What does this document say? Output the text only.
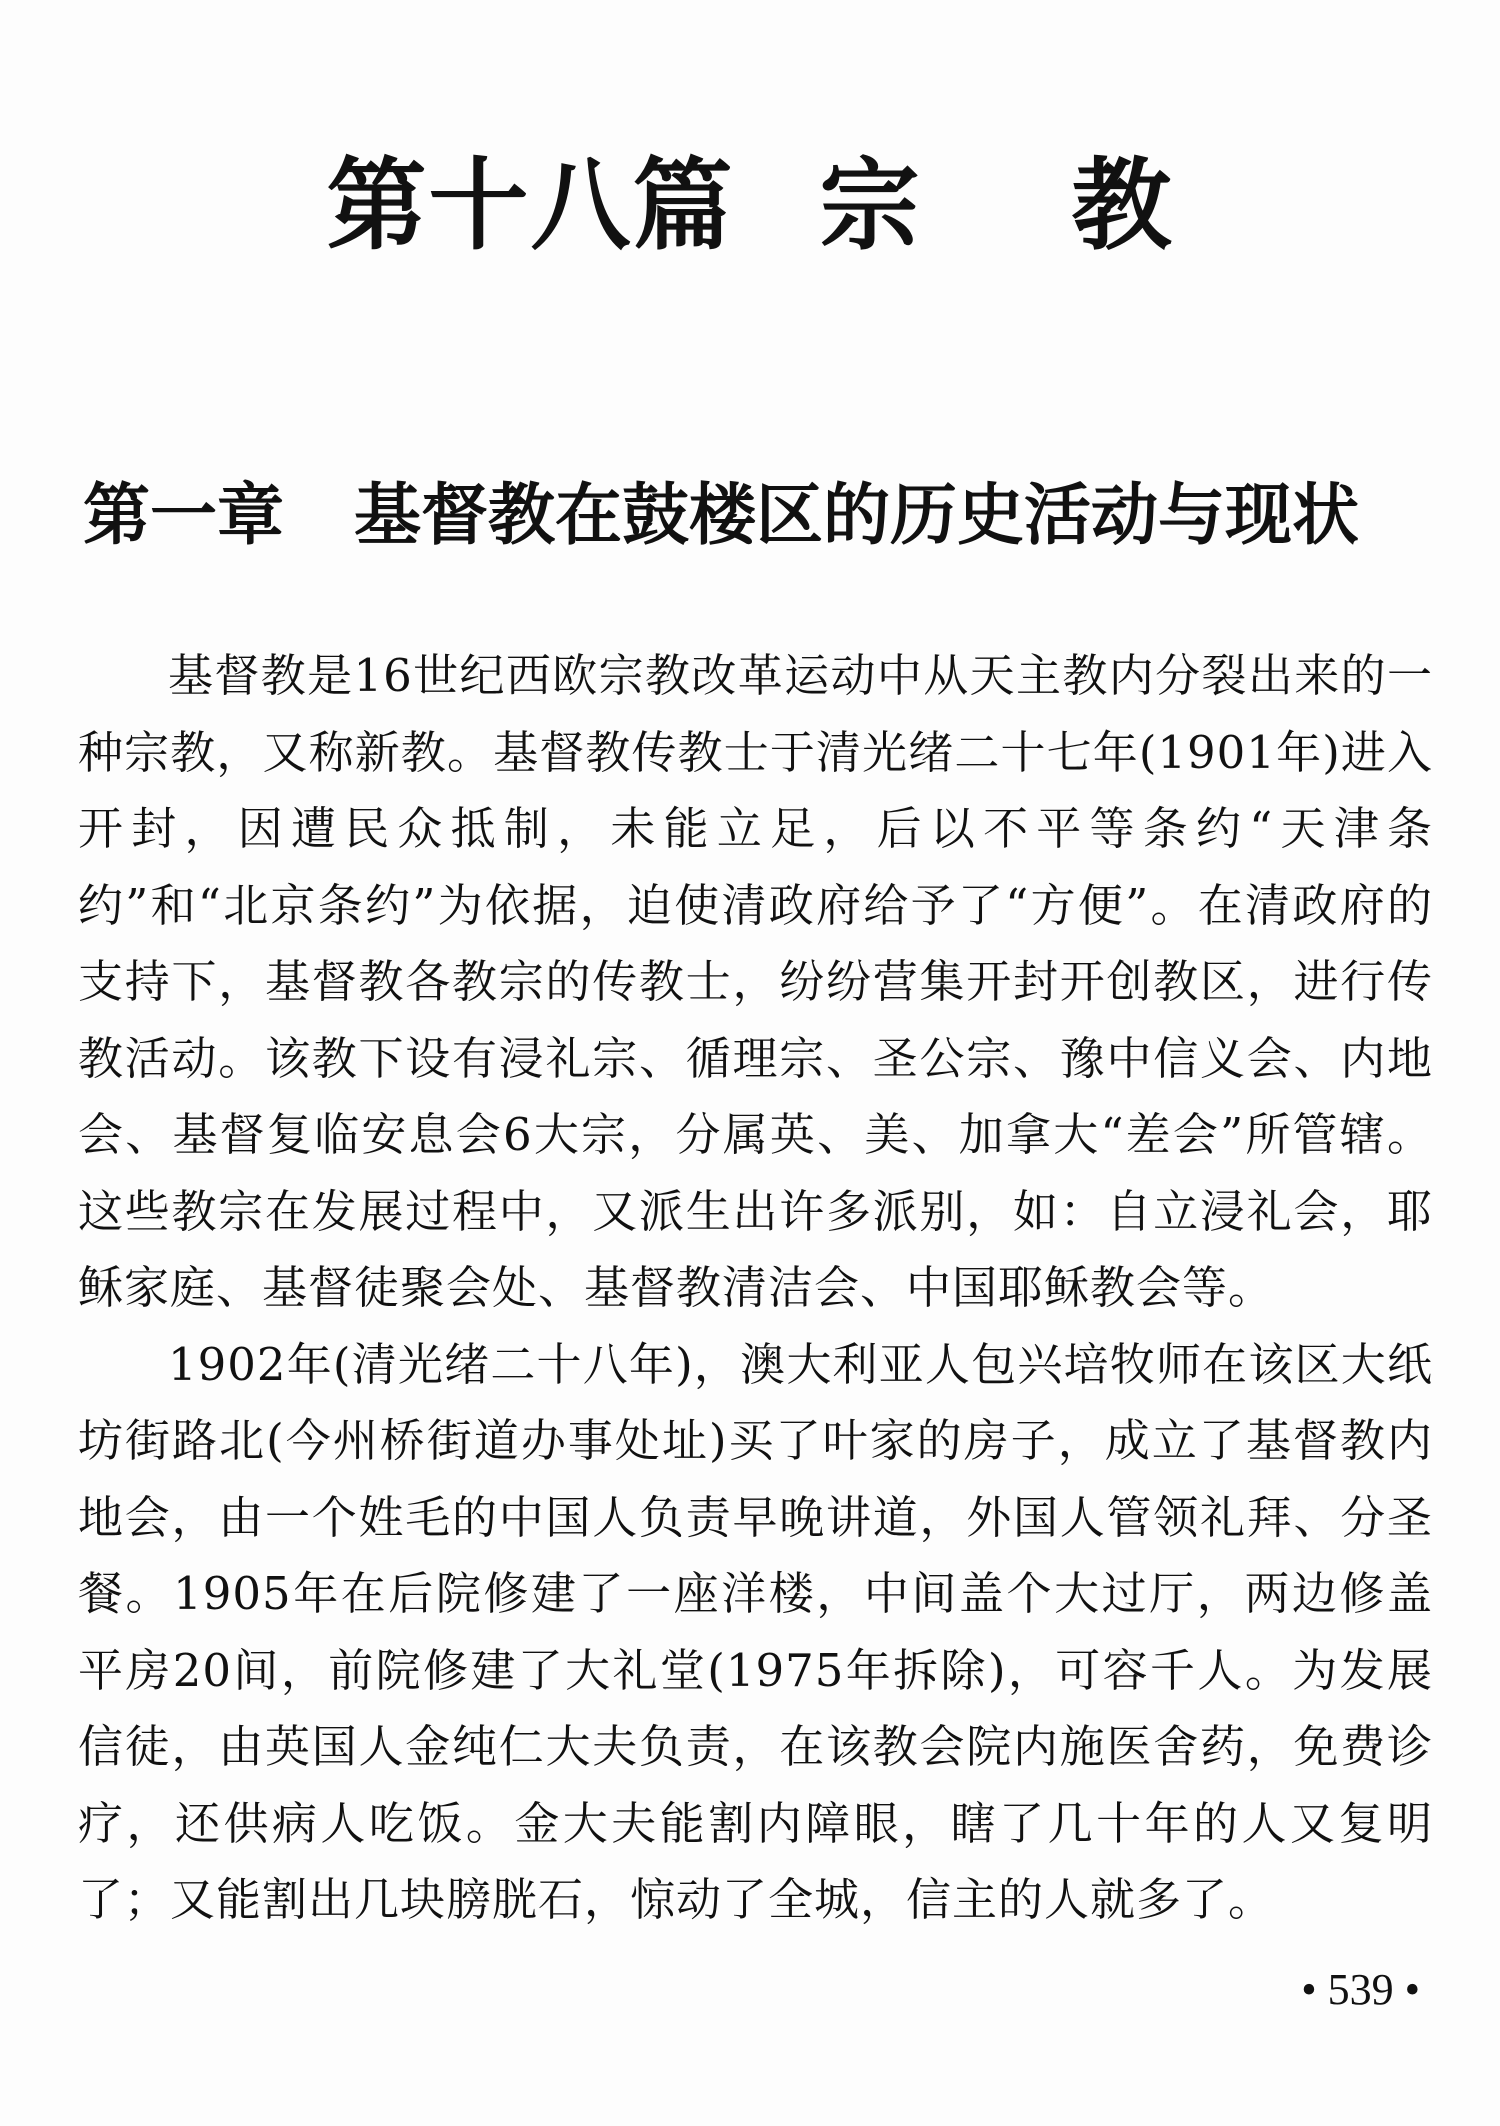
第十八篇 宗 教
第一章 基督教在鼓楼区的历史活动与现状

基督教是16世纪西欧宗教改革运动中从天主教内分裂出来的一种宗教，又称新教。基督教传教士于清光绪二十七年(1901年)进入开封，因遭民众抵制，未能立足，后以不平等条约“天津条约”和“北京条约”为依据，迫使清政府给予了“方便”。在清政府的支持下，基督教各教宗的传教士，纷纷营集开封开创教区，进行传教活动。该教下设有浸礼宗、循理宗、圣公宗、豫中信义会、内地会、基督复临安息会6大宗，分属英、美、加拿大“差会”所管辖。这些教宗在发展过程中，又派生出许多派别，如：自立浸礼会，耶稣家庭、基督徒聚会处、基督教清洁会、中国耶稣教会等。

1902年(清光绪二十八年)，澳大利亚人包兴培牧师在该区大纸坊街路北(今州桥街道办事处址)买了叶家的房子，成立了基督教内地会，由一个姓毛的中国人负责早晚讲道，外国人管领礼拜、分圣餐。1905年在后院修建了一座洋楼，中间盖个大过厅，两边修盖平房20间，前院修建了大礼堂(1975年拆除)，可容千人。为发展信徒，由英国人金纯仁大夫负责，在该教会院内施医舍药，免费诊疗，还供病人吃饭。金大夫能割内障眼，瞎了几十年的人又复明了；又能割出几块膀胱石，惊动了全城，信主的人就多了。

• 539 •
